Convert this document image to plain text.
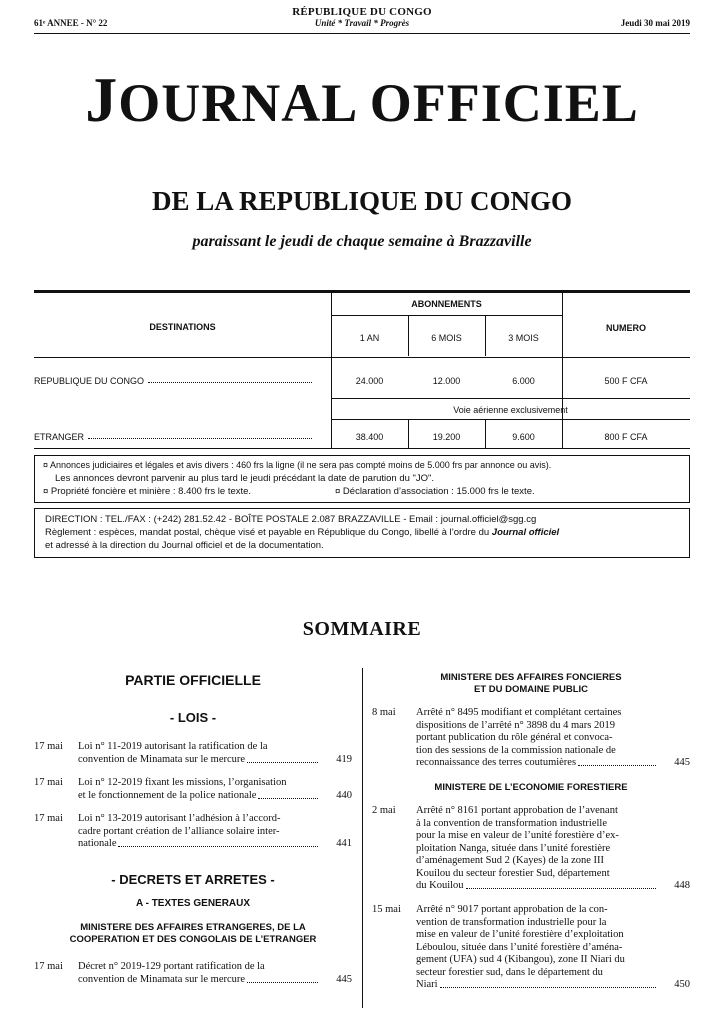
61ᵉ ANNEE - N° 22
RÉPUBLIQUE DU CONGO
Unité * Travail * Progrès	Jeudi 30 mai 2019
JOURNAL OFFICIEL
DE LA REPUBLIQUE DU CONGO
paraissant le jeudi de chaque semaine à Brazzaville
DESTINATIONS
ABONNEMENTS
NUMERO
1 AN	6 MOIS	3 MOIS
REPUBLIQUE DU CONGO	24.000	12.000	6.000	500 F CFA
Voie aérienne exclusivement
ETRANGER	38.400	19.200	9.600	800 F CFA
¤ Annonces judiciaires et légales et avis divers : 460 frs la ligne (il ne sera pas compté moins de 5.000 frs par annonce ou avis).
Les annonces devront parvenir au plus tard le jeudi précédant la date de parution du "JO".
¤ Propriété foncière et minière : 8.400 frs le texte.	¤ Déclaration d’association : 15.000 frs le texte.
DIRECTION : TEL./FAX : (+242) 281.52.42 - BOÎTE POSTALE 2.087 BRAZZAVILLE - Email : journal.officiel@sgg.cg
Règlement : espèces, mandat postal, chèque visé et payable en République du Congo, libellé à l’ordre du Journal officiel
et adressé à la direction du Journal officiel et de la documentation.
SOMMAIRE
PARTIE OFFICIELLE
- LOIS -
17 mai	Loi n° 11-2019 autorisant la ratification de la
convention de Minamata sur le mercure	419
17 mai	Loi n° 12-2019 fixant les missions, l’organisation
et le fonctionnement de la police nationale	440
17 mai	Loi n° 13-2019 autorisant l’adhésion à l’accord-
cadre portant création de l’alliance solaire inter-
nationale	441
- DECRETS ET ARRETES -
A - TEXTES GENERAUX
MINISTERE DES AFFAIRES ETRANGERES, DE LA
COOPERATION ET DES CONGOLAIS DE L’ETRANGER
17 mai	Décret n° 2019-129 portant ratification de la
convention de Minamata sur le mercure	445
MINISTERE DES AFFAIRES FONCIERES
ET DU DOMAINE PUBLIC
8 mai	Arrêté n° 8495 modifiant et complétant certaines
dispositions de l’arrêté n° 3898 du 4 mars 2019
portant publication du rôle général et convoca-
tion des sessions de la commission nationale de
reconnaissance des terres coutumières	445
MINISTERE DE L’ECONOMIE FORESTIERE
2 mai	Arrêté n° 8161 portant approbation de l’avenant
à la convention de transformation industrielle
pour la mise en valeur de l’unité forestière d’ex-
ploitation Nanga, située dans l’unité forestière
d’aménagement Sud 2 (Kayes) de la zone III
Kouilou du secteur forestier Sud, département
du Kouilou	448
15 mai	Arrêté n° 9017 portant approbation de la con-
vention de transformation industrielle pour la
mise en valeur de l’unité forestière d’exploitation
Léboulou, située dans l’unité forestière d’aména-
gement (UFA) sud 4 (Kibangou), zone II Niari du
secteur forestier sud, dans le département du
Niari	450
